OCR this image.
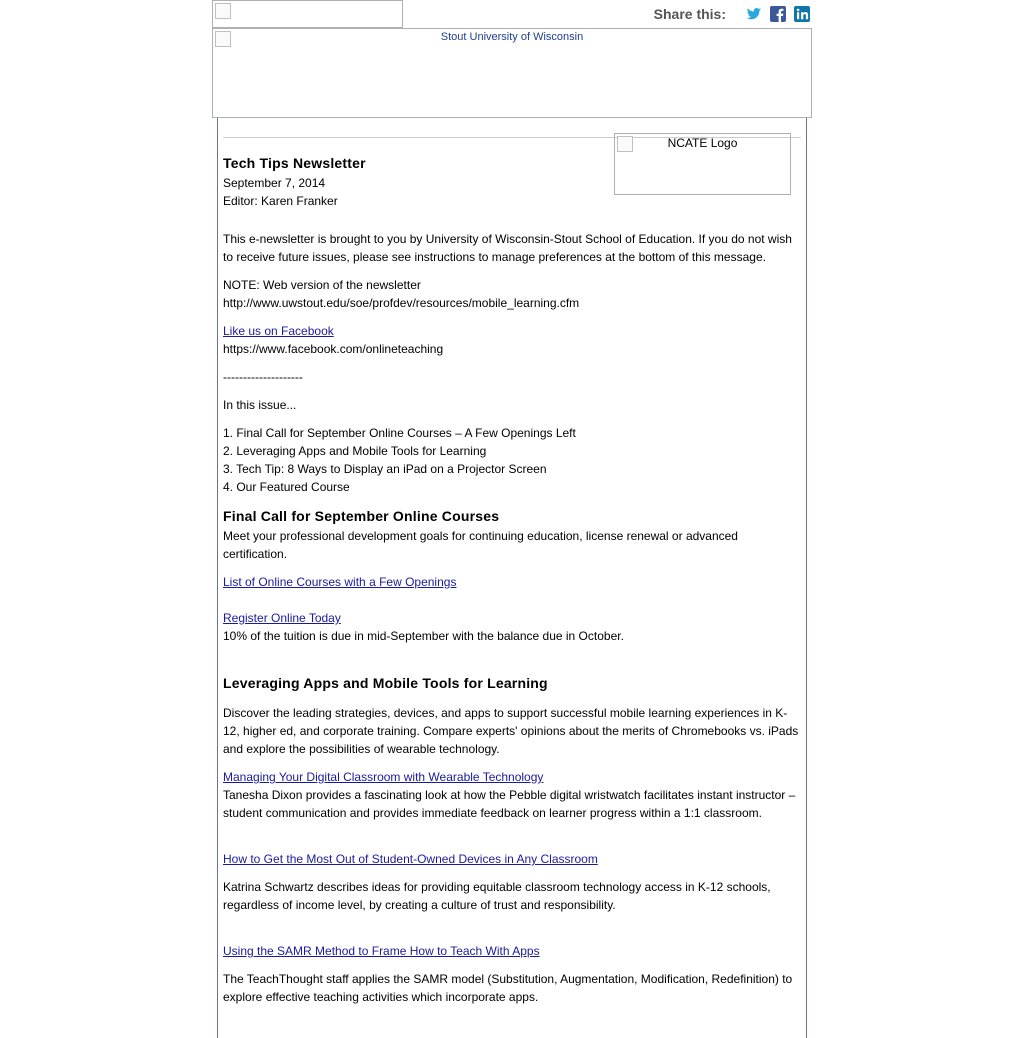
Share this:
Stout University of Wisconsin
NCATE Logo
Tech Tips Newsletter
September 7, 2014
Editor: Karen Franker
This e-newsletter is brought to you by University of Wisconsin-Stout School of Education. If you do not wish to receive future issues, please see instructions to manage preferences at the bottom of this message.
NOTE: Web version of the newsletter
http://www.uwstout.edu/soe/profdev/resources/mobile_learning.cfm
Like us on Facebook
https://www.facebook.com/onlineteaching
--------------------
In this issue...
1. Final Call for September Online Courses – A Few Openings Left
2. Leveraging Apps and Mobile Tools for Learning
3. Tech Tip: 8 Ways to Display an iPad on a Projector Screen
4. Our Featured Course
Final Call for September Online Courses
Meet your professional development goals for continuing education, license renewal or advanced certification.
List of Online Courses with a Few Openings
Register Online Today
10% of the tuition is due in mid-September with the balance due in October.
Leveraging Apps and Mobile Tools for Learning
Discover the leading strategies, devices, and apps to support successful mobile learning experiences in K-12, higher ed, and corporate training. Compare experts' opinions about the merits of Chromebooks vs. iPads and explore the possibilities of wearable technology.
Managing Your Digital Classroom with Wearable Technology
Tanesha Dixon provides a fascinating look at how the Pebble digital wristwatch facilitates instant instructor –student communication and provides immediate feedback on learner progress within a 1:1 classroom.
How to Get the Most Out of Student-Owned Devices in Any Classroom
Katrina Schwartz describes ideas for providing equitable classroom technology access in K-12 schools, regardless of income level, by creating a culture of trust and responsibility.
Using the SAMR Method to Frame How to Teach With Apps
The TeachThought staff applies the SAMR model (Substitution, Augmentation, Modification, Redefinition) to explore effective teaching activities which incorporate apps.
